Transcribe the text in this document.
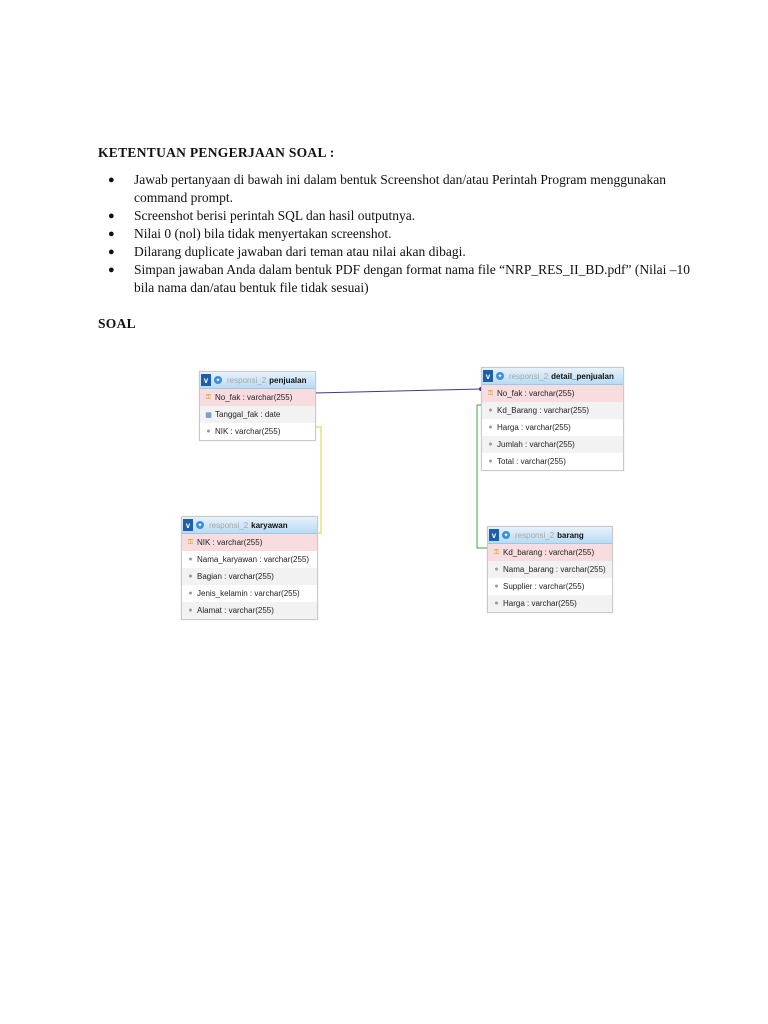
KETENTUAN PENGERJAAN SOAL :
● Jawab pertanyaan di bawah ini dalam bentuk Screenshot dan/atau Perintah Program menggunakan command prompt.
● Screenshot berisi perintah SQL dan hasil outputnya.
● Nilai 0 (nol) bila tidak menyertakan screenshot.
● Dilarang duplicate jawaban dari teman atau nilai akan dibagi.
● Simpan jawaban Anda dalam bentuk PDF dengan format nama file “NRP_RES_II_BD.pdf” (Nilai –10 bila nama dan/atau bentuk file tidak sesuai)
SOAL
v	✦ responsi_2 penjualan
⚿ No_fak : varchar(255)
▦ Tanggal_fak : date
● NIK : varchar(255)
v	✦ responsi_2 detail_penjualan
⚿ No_fak : varchar(255)
● Kd_Barang : varchar(255)
● Harga : varchar(255)
● Jumlah : varchar(255)
● Total : varchar(255)
v	✦ responsi_2 karyawan
⚿ NIK : varchar(255)
● Nama_karyawan : varchar(255)
● Bagian : varchar(255)
● Jenis_kelamin : varchar(255)
● Alamat : varchar(255)
v	✦ responsi_2 barang
⚿ Kd_barang : varchar(255)
● Nama_barang : varchar(255)
● Supplier : varchar(255)
● Harga : varchar(255)
